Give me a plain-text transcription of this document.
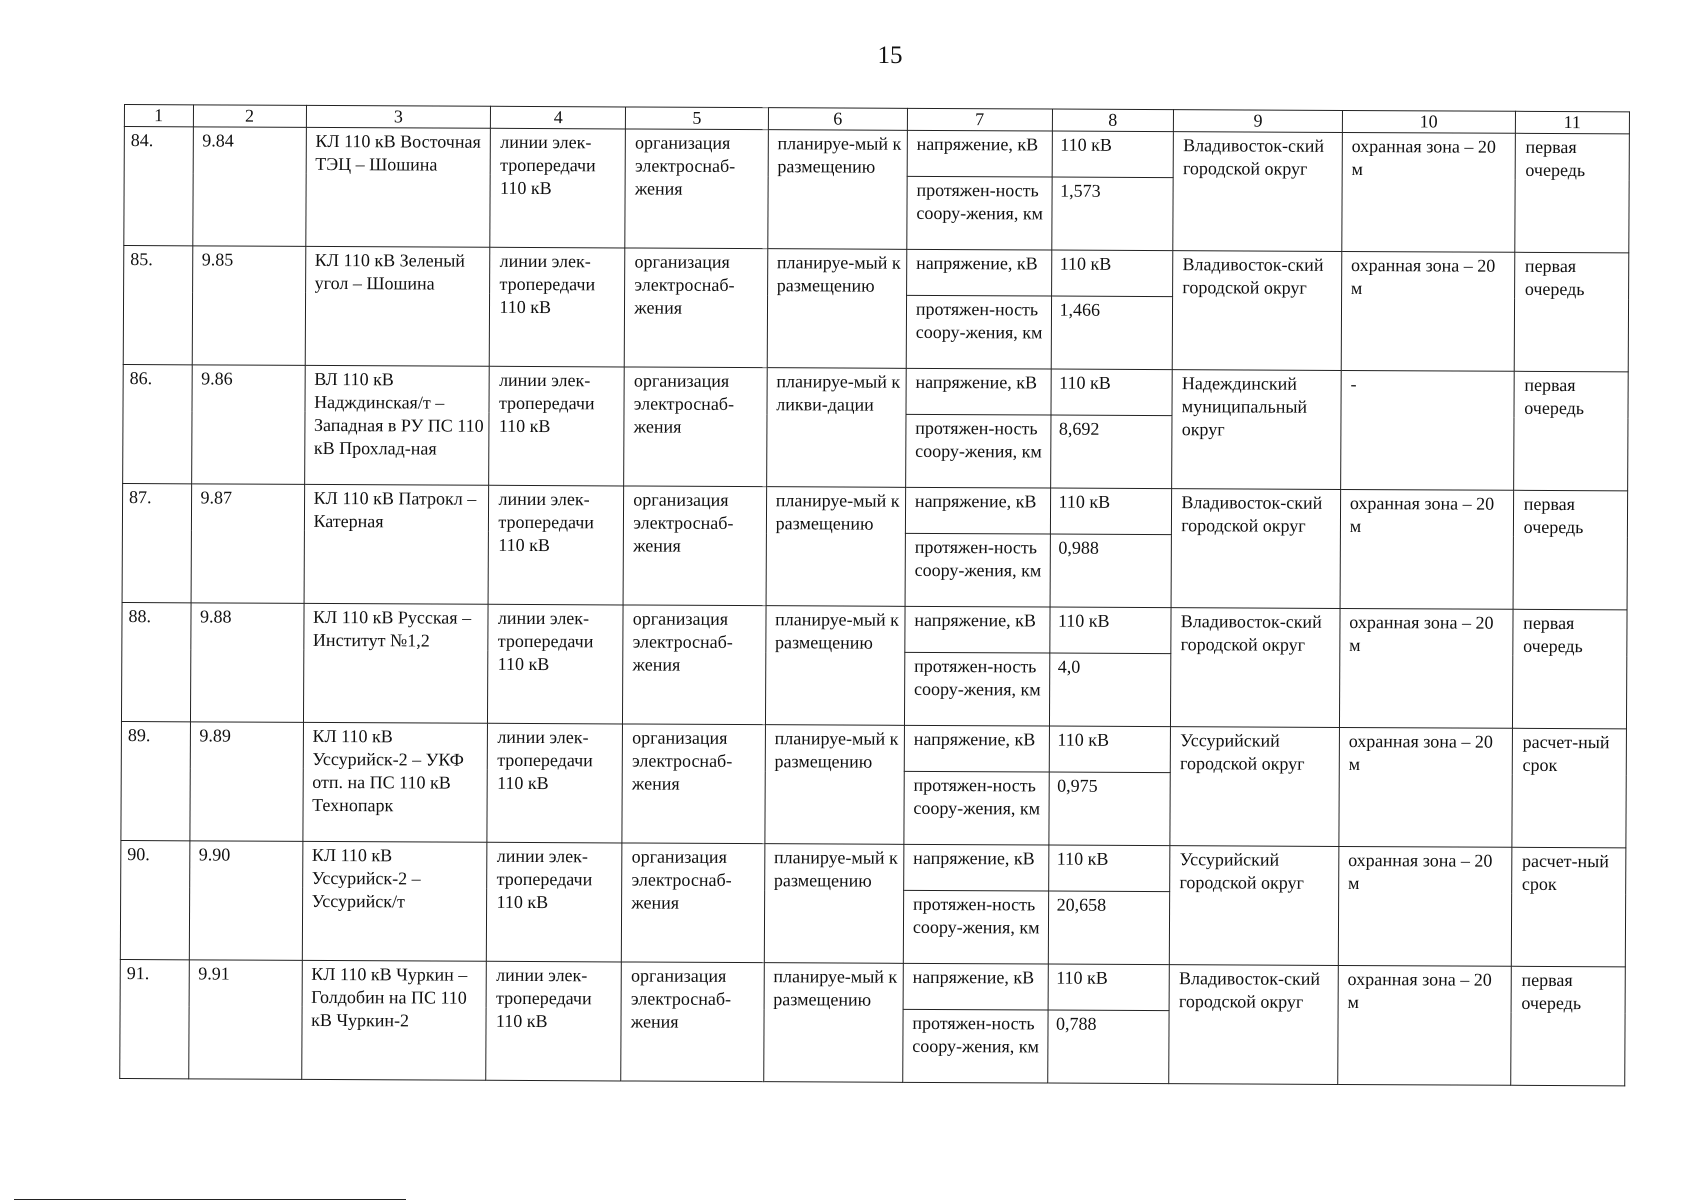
15
1	2	3	4	5	6	7	8	9	10	11
84.	9.84	КЛ 110 кВ Восточная ТЭЦ – Шошина	линии элек-тропередачи 110 кВ	организация электроснаб-жения	планируе-мый к размещению	напряжение, кВ	110 кВ	Владивосток-ский городской округ	охранная зона – 20 м	первая очередь
						протяжен-ность соору-жения, км	1,573			
85.	9.85	КЛ 110 кВ Зеленый угол – Шошина	линии элек-тропередачи 110 кВ	организация электроснаб-жения	планируе-мый к размещению	напряжение, кВ	110 кВ	Владивосток-ский городской округ	охранная зона – 20 м	первая очередь
						протяжен-ность соору-жения, км	1,466			
86.	9.86	ВЛ 110 кВ Надждинская/т – Западная в РУ ПС 110 кВ Прохлад-ная	линии элек-тропередачи 110 кВ	организация электроснаб-жения	планируе-мый к ликви-дации	напряжение, кВ	110 кВ	Надеждинский муниципальный округ	-	первая очередь
						протяжен-ность соору-жения, км	8,692			
87.	9.87	КЛ 110 кВ Патрокл – Катерная	линии элек-тропередачи 110 кВ	организация электроснаб-жения	планируе-мый к размещению	напряжение, кВ	110 кВ	Владивосток-ский городской округ	охранная зона – 20 м	первая очередь
						протяжен-ность соору-жения, км	0,988			
88.	9.88	КЛ 110 кВ Русская – Институт №1,2	линии элек-тропередачи 110 кВ	организация электроснаб-жения	планируе-мый к размещению	напряжение, кВ	110 кВ	Владивосток-ский городской округ	охранная зона – 20 м	первая очередь
						протяжен-ность соору-жения, км	4,0			
89.	9.89	КЛ 110 кВ Уссурийск-2 – УКФ отп. на ПС 110 кВ Технопарк	линии элек-тропередачи 110 кВ	организация электроснаб-жения	планируе-мый к размещению	напряжение, кВ	110 кВ	Уссурийский городской округ	охранная зона – 20 м	расчет-ный срок
						протяжен-ность соору-жения, км	0,975			
90.	9.90	КЛ 110 кВ Уссурийск-2 – Уссурийск/т	линии элек-тропередачи 110 кВ	организация электроснаб-жения	планируе-мый к размещению	напряжение, кВ	110 кВ	Уссурийский городской округ	охранная зона – 20 м	расчет-ный срок
						протяжен-ность соору-жения, км	20,658			
91.	9.91	КЛ 110 кВ Чуркин – Голдобин на ПС 110 кВ Чуркин-2	линии элек-тропередачи 110 кВ	организация электроснаб-жения	планируе-мый к размещению	напряжение, кВ	110 кВ	Владивосток-ский городской округ	охранная зона – 20 м	первая очередь
						протяжен-ность соору-жения, км	0,788			
